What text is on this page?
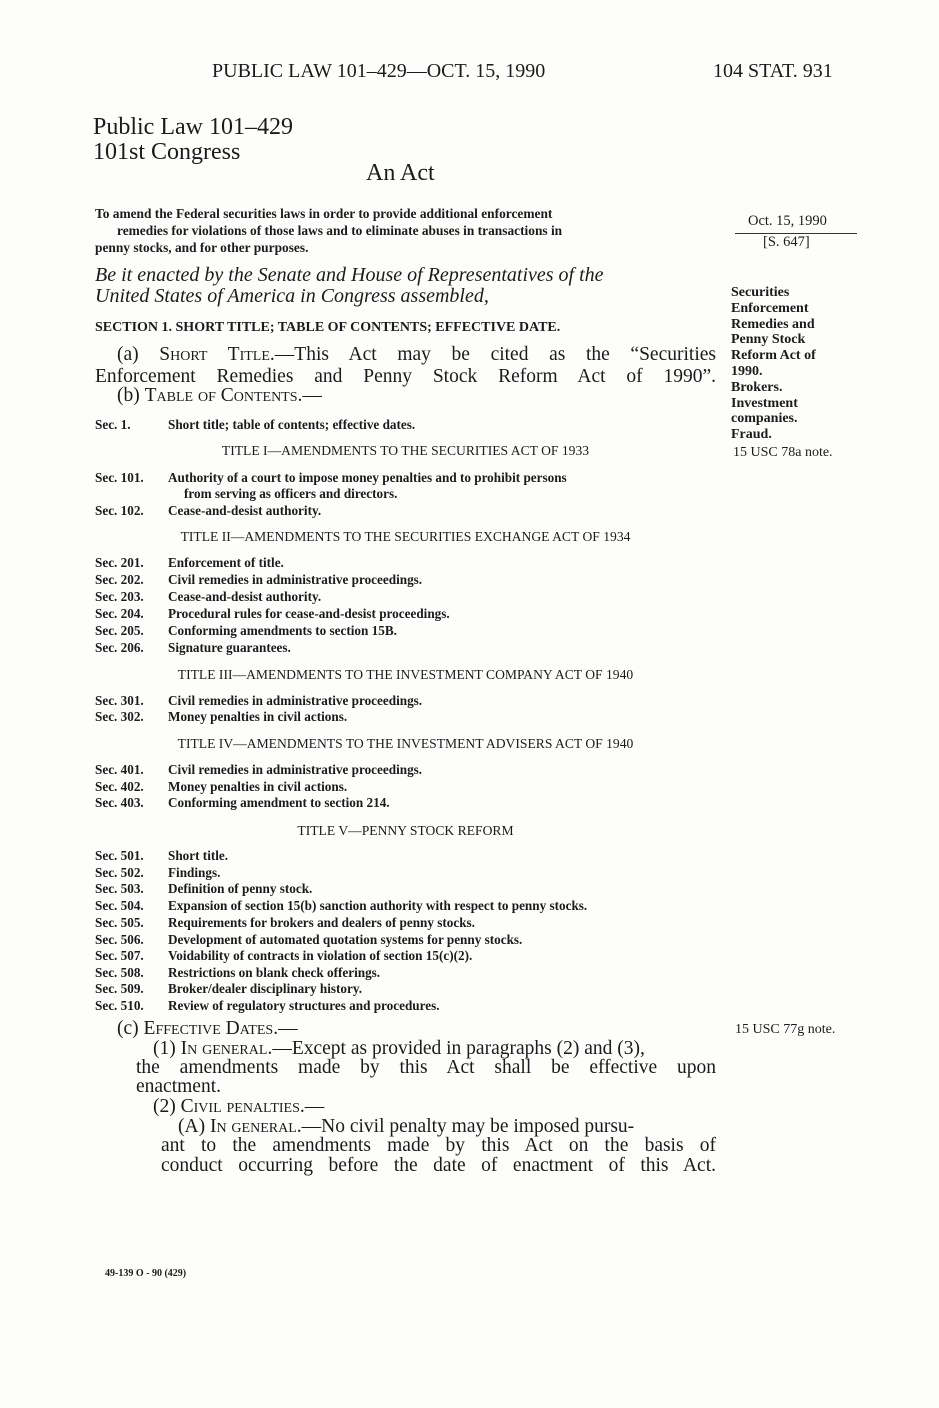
PUBLIC LAW 101–429—OCT. 15, 1990	104 STAT. 931
Public Law 101–429
101st Congress
An Act
To amend the Federal securities laws in order to provide additional enforcement
remedies for violations of those laws and to eliminate abuses in transactions in
penny stocks, and for other purposes.
Oct. 15, 1990
[S. 647]
Be it enacted by the Senate and House of Representatives of the
United States of America in Congress assembled,
SECTION 1. SHORT TITLE; TABLE OF CONTENTS; EFFECTIVE DATE.
(a) Short Title.—This Act may be cited as the “Securities
Enforcement Remedies and Penny Stock Reform Act of 1990”.
(b) Table of Contents.—
Securities
Enforcement
Remedies and
Penny Stock
Reform Act of
1990.
Brokers.
Investment
companies.
Fraud.
15 USC 78a note.
Sec. 1.	Short title; table of contents; effective dates.
TITLE I—AMENDMENTS TO THE SECURITIES ACT OF 1933
Sec. 101. Authority of a court to impose money penalties and to prohibit persons
from serving as officers and directors.
Sec. 102. Cease-and-desist authority.
TITLE II—AMENDMENTS TO THE SECURITIES EXCHANGE ACT OF 1934
Sec. 201. Enforcement of title.
Sec. 202. Civil remedies in administrative proceedings.
Sec. 203. Cease-and-desist authority.
Sec. 204. Procedural rules for cease-and-desist proceedings.
Sec. 205. Conforming amendments to section 15B.
Sec. 206. Signature guarantees.
TITLE III—AMENDMENTS TO THE INVESTMENT COMPANY ACT OF 1940
Sec. 301. Civil remedies in administrative proceedings.
Sec. 302. Money penalties in civil actions.
TITLE IV—AMENDMENTS TO THE INVESTMENT ADVISERS ACT OF 1940
Sec. 401. Civil remedies in administrative proceedings.
Sec. 402. Money penalties in civil actions.
Sec. 403. Conforming amendment to section 214.
TITLE V—PENNY STOCK REFORM
Sec. 501. Short title.
Sec. 502. Findings.
Sec. 503. Definition of penny stock.
Sec. 504. Expansion of section 15(b) sanction authority with respect to penny stocks.
Sec. 505. Requirements for brokers and dealers of penny stocks.
Sec. 506. Development of automated quotation systems for penny stocks.
Sec. 507. Voidability of contracts in violation of section 15(c)(2).
Sec. 508. Restrictions on blank check offerings.
Sec. 509. Broker/dealer disciplinary history.
Sec. 510. Review of regulatory structures and procedures.
(c) Effective Dates.—	15 USC 77g note.
(1) In general.—Except as provided in paragraphs (2) and (3),
the amendments made by this Act shall be effective upon
enactment.
(2) Civil penalties.—
(A) In general.—No civil penalty may be imposed pursu-
ant to the amendments made by this Act on the basis of
conduct occurring before the date of enactment of this Act.
49-139 O - 90 (429)
